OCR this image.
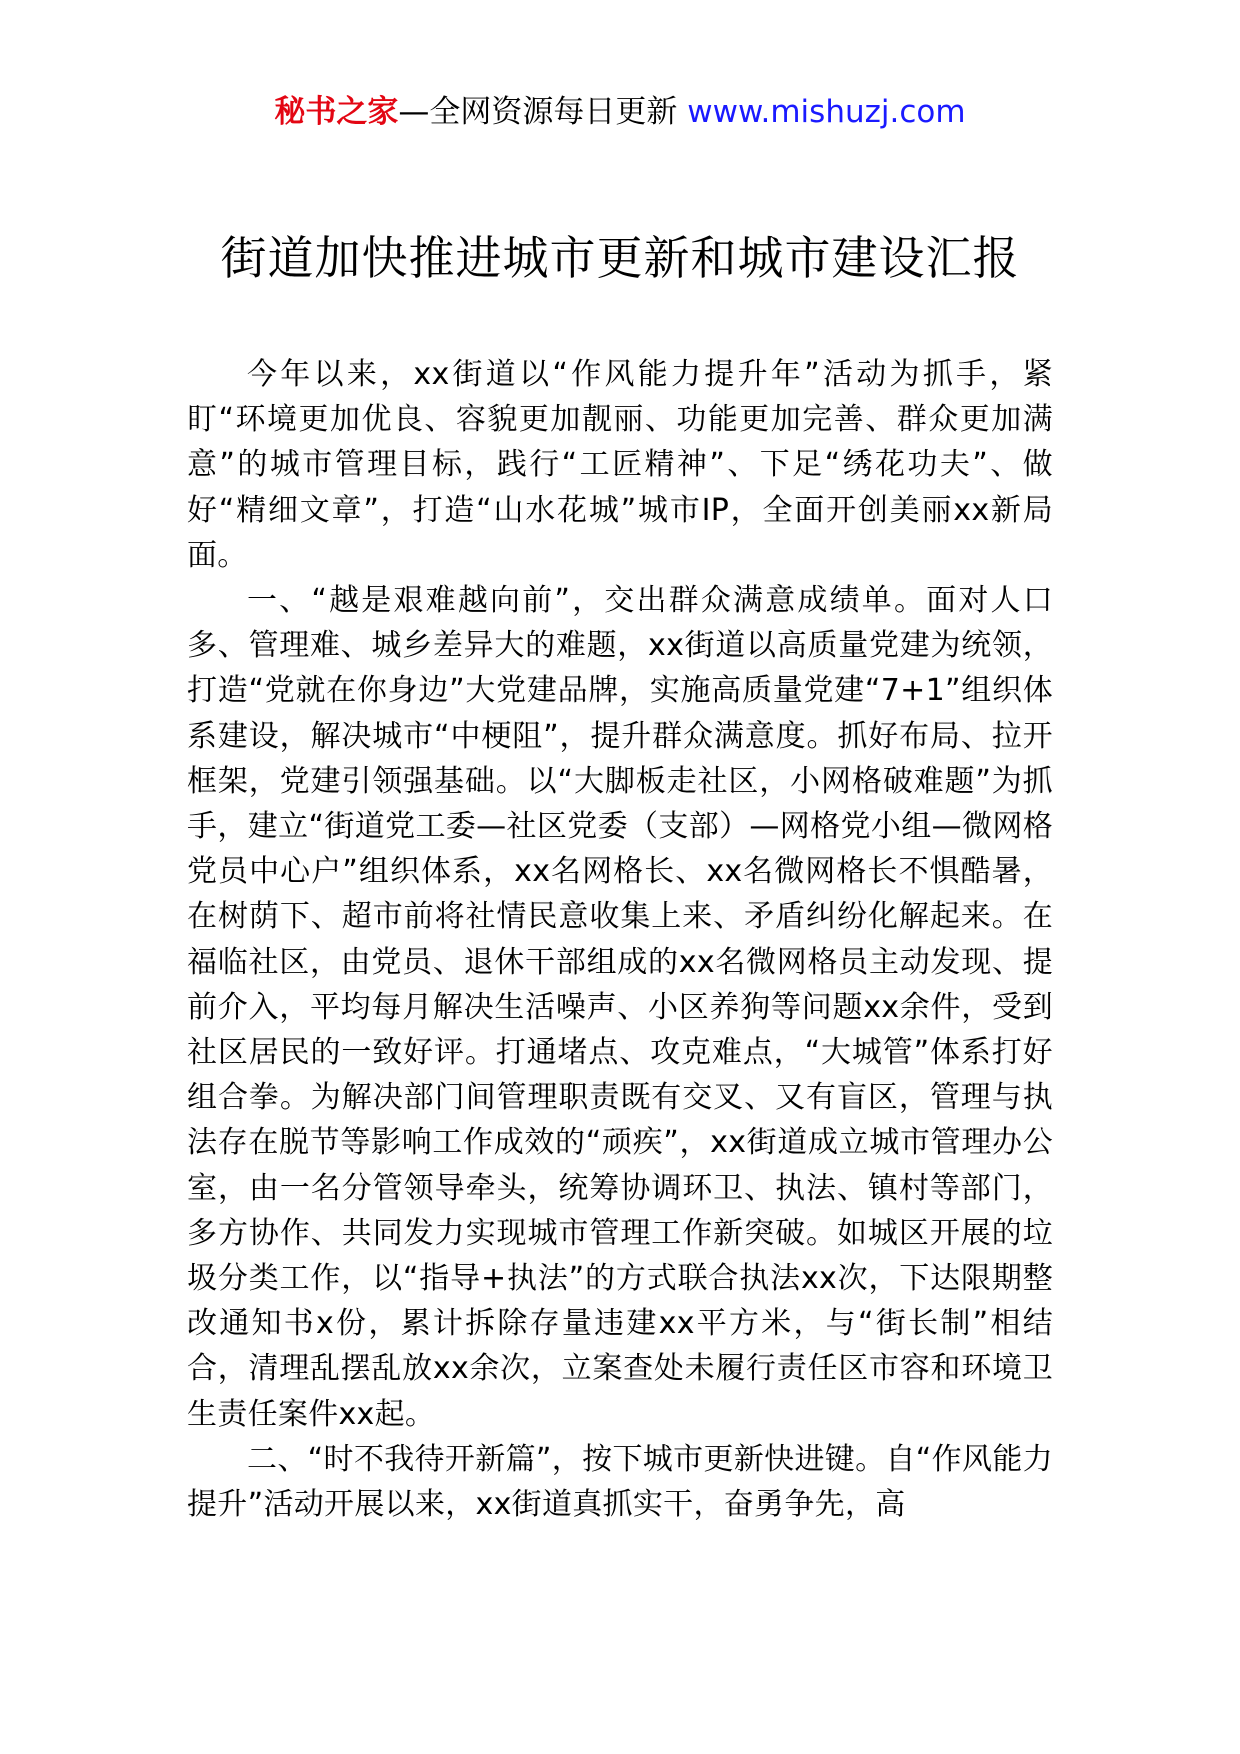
秘书之家—全网资源每日更新 www.mishuzj.com
街道加快推进城市更新和城市建设汇报

今年以来，xx街道以“作风能力提升年”活动为抓手，紧盯“环境更加优良、容貌更加靓丽、功能更加完善、群众更加满意”的城市管理目标，践行“工匠精神”、下足“绣花功夫”、做好“精细文章”，打造“山水花城”城市IP，全面开创美丽xx新局面。

一、“越是艰难越向前”，交出群众满意成绩单。面对人口多、管理难、城乡差异大的难题，xx街道以高质量党建为统领，打造“党就在你身边”大党建品牌，实施高质量党建“7+1”组织体系建设，解决城市“中梗阻”，提升群众满意度。抓好布局、拉开框架，党建引领强基础。以“大脚板走社区，小网格破难题”为抓手，建立“街道党工委—社区党委（支部）—网格党小组—微网格党员中心户”组织体系，xx名网格长、xx名微网格长不惧酷暑，在树荫下、超市前将社情民意收集上来、矛盾纠纷化解起来。在福临社区，由党员、退休干部组成的xx名微网格员主动发现、提前介入，平均每月解决生活噪声、小区养狗等问题xx余件，受到社区居民的一致好评。打通堵点、攻克难点，“大城管”体系打好组合拳。为解决部门间管理职责既有交叉、又有盲区，管理与执法存在脱节等影响工作成效的“顽疾”，xx街道成立城市管理办公室，由一名分管领导牵头，统筹协调环卫、执法、镇村等部门，多方协作、共同发力实现城市管理工作新突破。如城区开展的垃圾分类工作，以“指导+执法”的方式联合执法xx次，下达限期整改通知书x份，累计拆除存量违建xx平方米，与“街长制”相结合，清理乱摆乱放xx余次，立案查处未履行责任区市容和环境卫生责任案件xx起。

二、“时不我待开新篇”，按下城市更新快进键。自“作风能力提升”活动开展以来，xx街道真抓实干，奋勇争先，高
